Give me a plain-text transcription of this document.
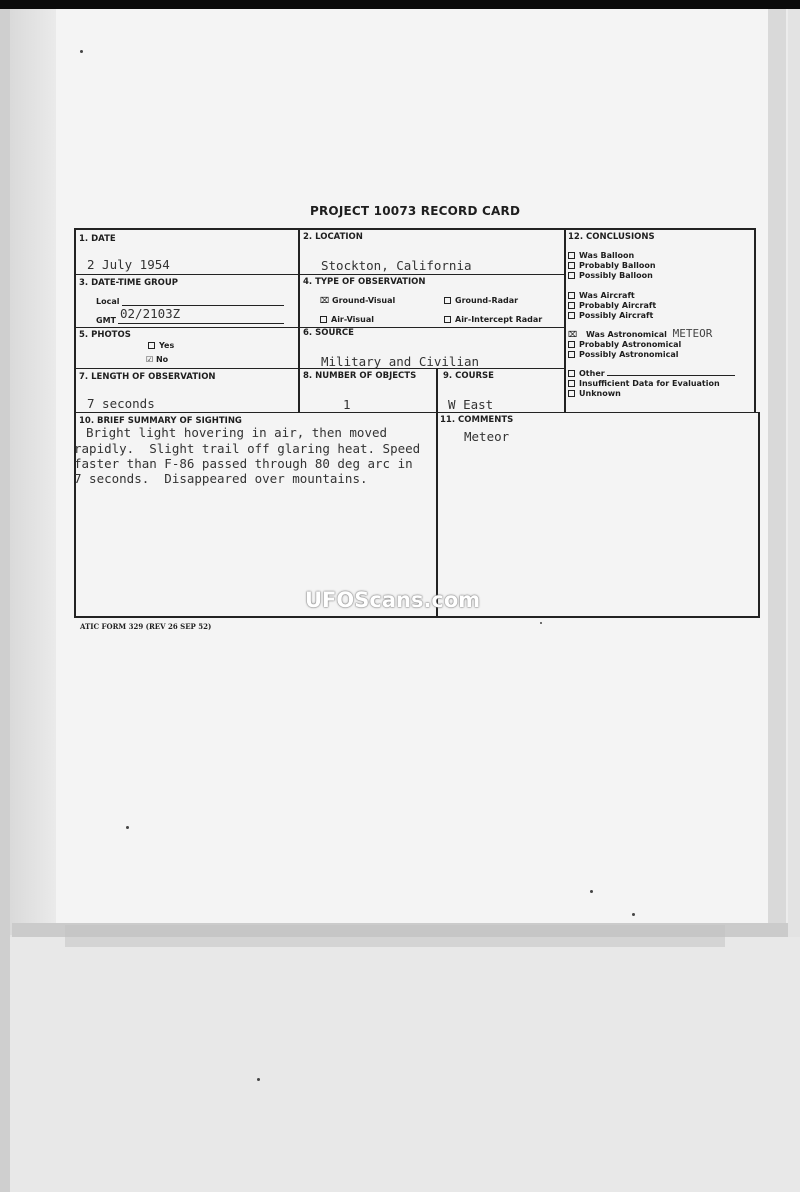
PROJECT 10073 RECORD CARD
1. DATE
2 July 1954
2. LOCATION
Stockton, California
3. DATE-TIME GROUP
Local
GMT 02/2103Z
4. TYPE OF OBSERVATION
⌧ Ground-Visual	Ground-Radar
Air-Visual	Air-Intercept Radar
5. PHOTOS
Yes
☑ No
6. SOURCE
Military and Civilian
7. LENGTH OF OBSERVATION
7 seconds
8. NUMBER OF OBJECTS
1
9. COURSE
W East
10. BRIEF SUMMARY OF SIGHTING
Bright light hovering in air, then moved
rapidly.  Slight trail off glaring heat. Speed
faster than F-86 passed through 80 deg arc in
7 seconds.  Disappeared over mountains.
11. COMMENTS
Meteor
12. CONCLUSIONS
Was Balloon
Probably Balloon
Possibly Balloon
Was Aircraft
Probably Aircraft
Possibly Aircraft
⌧ Was Astronomical METEOR
Probably Astronomical
Possibly Astronomical
Other
Insufficient Data for Evaluation
Unknown
UFOScans.com
ATIC FORM 329 (REV 26 SEP 52)
